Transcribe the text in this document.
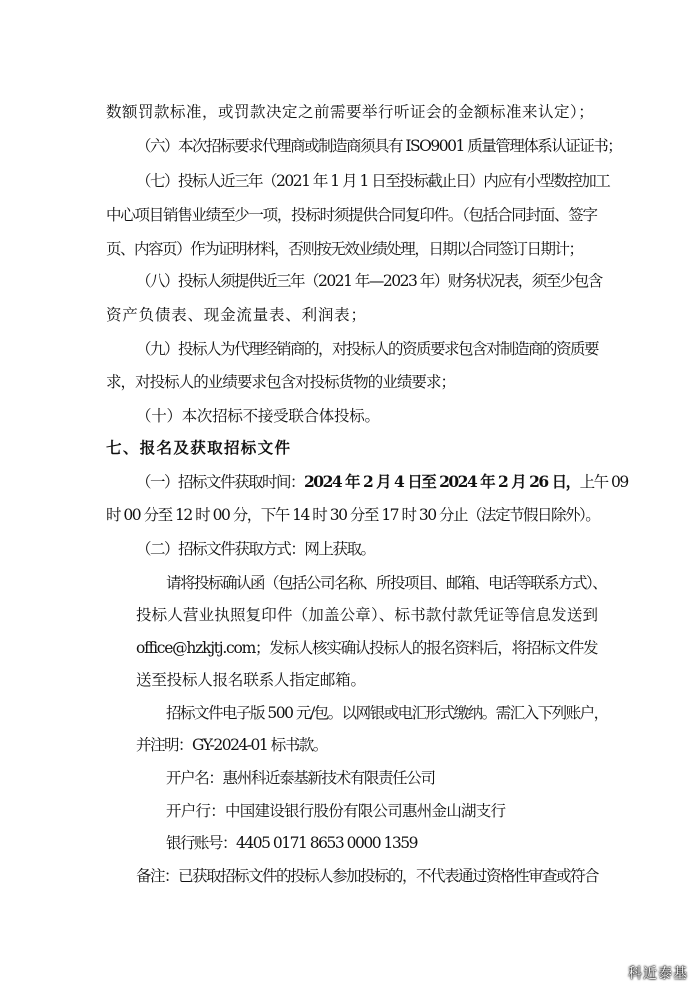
数额罚款标准，或罚款决定之前需要举行听证会的金额标准来认定）；
（六）本次招标要求代理商或制造商须具有 ISO9001 质量管理体系认证证书；
（七）投标人近三年（2021 年 1 月 1 日至投标截止日）内应有小型数控加工
中心项目销售业绩至少一项，投标时须提供合同复印件。（包括合同封面、签字
页、内容页）作为证明材料，否则按无效业绩处理，日期以合同签订日期计；
（八）投标人须提供近三年（2021 年—2023 年）财务状况表，须至少包含
资产负债表、现金流量表、利润表；
（九）投标人为代理经销商的，对投标人的资质要求包含对制造商的资质要
求，对投标人的业绩要求包含对投标货物的业绩要求；
（十）本次招标不接受联合体投标。
七、报名及获取招标文件
（一）招标文件获取时间：2024 年 2 月 4 日至 2024 年 2 月 26 日，上午 09
时 00 分至 12 时 00 分，下午 14 时 30 分至 17 时 30 分止（法定节假日除外）。
（二）招标文件获取方式：网上获取。
请将投标确认函（包括公司名称、所投项目、邮箱、电话等联系方式）、
投标人营业执照复印件（加盖公章）、标书款付款凭证等信息发送到
office@hzkjtj.com；发标人核实确认投标人的报名资料后，将招标文件发
送至投标人报名联系人指定邮箱。
招标文件电子版 500 元/包。以网银或电汇形式缴纳。需汇入下列账户，
并注明：GY-2024-01 标书款。
开户名：惠州科近泰基新技术有限责任公司
开户行：中国建设银行股份有限公司惠州金山湖支行
银行账号：4405 0171 8653 0000 1359
备注：已获取招标文件的投标人参加投标的，不代表通过资格性审查或符合
科近泰基
